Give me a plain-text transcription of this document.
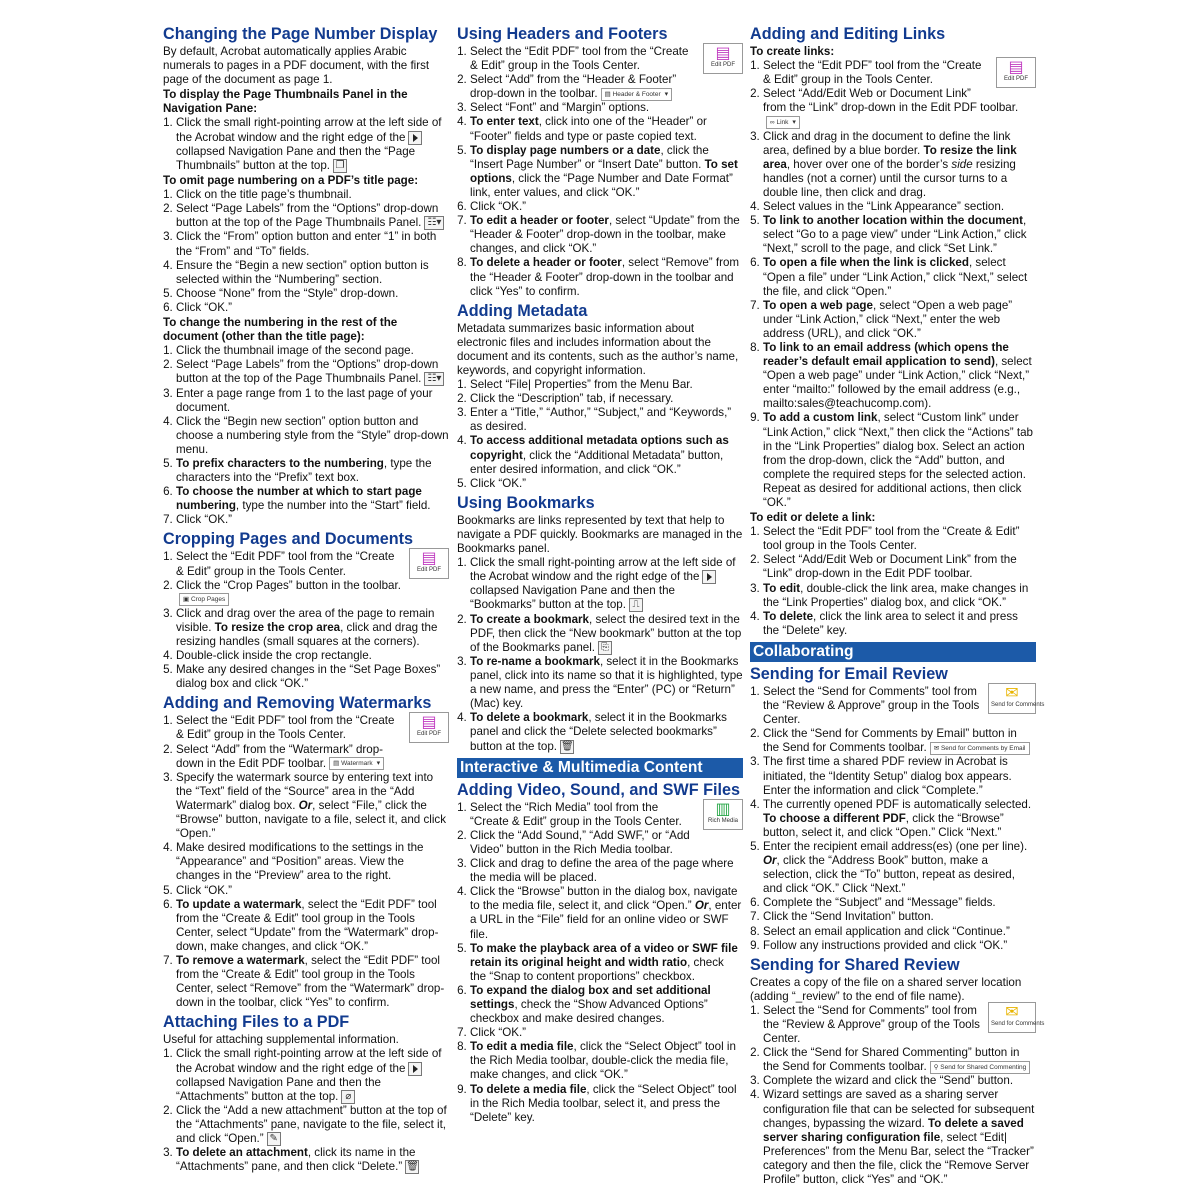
Changing the Page Number Display

By default, Acrobat automatically applies Arabic numerals to pages in a PDF document, with the first page of the document as page 1.

To display the Page Thumbnails Panel in the Navigation Pane:

1. Click the small right-pointing arrow at the left side of the Acrobat window and the right edge of the
collapsed Navigation Pane and then the “Page Thumbnails” button at the top. ❐

To omit page numbering on a PDF’s title page:

1. Click on the title page’s thumbnail.
2. Select “Page Labels” from the “Options” drop-down button at the top of the Page Thumbnails Panel. ☷▾
3. Click the “From” option button and enter “1” in both the “From” and “To” fields.
4. Ensure the “Begin a new section” option button is selected within the “Numbering” section.
5. Choose “None” from the “Style” drop-down.
6. Click “OK.”

To change the numbering in the rest of the document (other than the title page):

1. Click the thumbnail image of the second page.
2. Select “Page Labels” from the “Options” drop-down button at the top of the Page Thumbnails Panel. ☷▾
3. Enter a page range from 1 to the last page of your document.
4. Click the “Begin new section” option button and choose a numbering style from the “Style” drop-down menu.
5. To prefix characters to the numbering, type the characters into the “Prefix” text box.
6. To choose the number at which to start page numbering, type the number into the “Start” field.
7. Click “OK.”
Cropping Pages and Documents
1. ▤
Edit PDF
Select the “Edit PDF” tool from the “Create & Edit” group in the Tools Center.
2. Click the “Crop Pages” button in the toolbar.▣ Crop Pages
3. Click and drag over the area of the page to remain visible. To resize the crop area, click and drag the resizing handles (small squares at the corners).
4. Double-click inside the crop rectangle.
5. Make any desired changes in the “Set Page Boxes” dialog box and click “OK.”
Adding and Removing Watermarks
1. ▤
Edit PDF
Select the “Edit PDF” tool from the “Create & Edit” group in the Tools Center.
2. Select “Add” from the “Watermark” drop-down in the Edit PDF toolbar. ▤ Watermark ▾
3. Specify the watermark source by entering text into the “Text” field of the “Source” area in the “Add Watermark” dialog box. Or, select “File,” click the “Browse” button, navigate to a file, select it, and click “Open.”
4. Make desired modifications to the settings in the “Appearance” and “Position” areas. View the changes in the “Preview” area to the right.
5. Click “OK.”
6. To update a watermark, select the “Edit PDF” tool from the “Create & Edit” tool group in the Tools Center, select “Update” from the “Watermark” drop-down, make changes, and click “OK.”
7. To remove a watermark, select the “Edit PDF” tool from the “Create & Edit” tool group in the Tools Center, select “Remove” from the “Watermark” drop-down in the toolbar, click “Yes” to confirm.
Attaching Files to a PDF

Useful for attaching supplemental information.

1. Click the small right-pointing arrow at the left side of the Acrobat window and the right edge of the
collapsed Navigation Pane and then the “Attachments” button at the top. ⌀
2. Click the “Add a new attachment” button at the top of the “Attachments” pane, navigate to the file, select it, and click “Open.” ✎
3. To delete an attachment, click its name in the “Attachments” pane, and then click “Delete.” 🗑
Using Headers and Footers
1. ▤
Edit PDF
Select the “Edit PDF” tool from the “Create & Edit” group in the Tools Center.
2. Select “Add” from the “Header & Footer” drop-down in the toolbar. ▤ Header & Footer ▾
3. Select “Font” and “Margin” options.
4. To enter text, click into one of the “Header” or “Footer” fields and type or paste copied text.
5. To display page numbers or a date, click the “Insert Page Number” or “Insert Date” button. To set options, click the “Page Number and Date Format” link, enter values, and click “OK.”
6. Click “OK.”
7. To edit a header or footer, select “Update” from the “Header & Footer” drop-down in the toolbar, make changes, and click “OK.”
8. To delete a header or footer, select “Remove” from the “Header & Footer” drop-down in the toolbar and click “Yes” to confirm.
Adding Metadata

Metadata summarizes basic information about electronic files and includes information about the document and its contents, such as the author’s name, keywords, and copyright information.

1. Select “File| Properties” from the Menu Bar.
2. Click the “Description” tab, if necessary.
3. Enter a “Title,” “Author,” “Subject,” and “Keywords,” as desired.
4. To access additional metadata options such as copyright, click the “Additional Metadata” button, enter desired information, and click “OK.”
5. Click “OK.”
Using Bookmarks

Bookmarks are links represented by text that help to navigate a PDF quickly. Bookmarks are managed in the Bookmarks panel.

1. Click the small right-pointing arrow at the left side of the Acrobat window and the right edge of the
collapsed Navigation Pane and then the “Bookmarks” button at the top. ⎍
2. To create a bookmark, select the desired text in the PDF, then click the “New bookmark” button at the top of the Bookmarks panel. ⎘
3. To re-name a bookmark, select it in the Bookmarks panel, click into its name so that it is highlighted, type a new name, and press the “Enter” (PC) or “Return” (Mac) key.
4. To delete a bookmark, select it in the Bookmarks panel and click the “Delete selected bookmarks” button at the top. 🗑
Interactive & Multimedia Content
Adding Video, Sound, and SWF Files
1. ▥
Rich Media
Select the “Rich Media” tool from the “Create & Edit” group in the Tools Center.
2. Click the “Add Sound,” “Add SWF,” or “Add Video” button in the Rich Media toolbar.
3. Click and drag to define the area of the page where the media will be placed.
4. Click the “Browse” button in the dialog box, navigate to the media file, select it, and click “Open.” Or, enter a URL in the “File” field for an online video or SWF file.
5. To make the playback area of a video or SWF file retain its original height and width ratio, check the “Snap to content proportions” checkbox.
6. To expand the dialog box and set additional settings, check the “Show Advanced Options” checkbox and make desired changes.
7. Click “OK.”
8. To edit a media file, click the “Select Object” tool in the Rich Media toolbar, double-click the media file, make changes, and click “OK.”
9. To delete a media file, click the “Select Object” tool in the Rich Media toolbar, select it, and press the “Delete” key.
Adding and Editing Links

To create links:

1. ▤
Edit PDF
Select the “Edit PDF” tool from the “Create & Edit” group in the Tools Center.
2. Select “Add/Edit Web or Document Link” from the “Link” drop-down in the Edit PDF toolbar.∞ Link ▾
3. Click and drag in the document to define the link area, defined by a blue border. To resize the link area, hover over one of the border’s side resizing handles (not a corner) until the cursor turns to a double line, then click and drag.
4. Select values in the “Link Appearance” section.
5. To link to another location within the document, select “Go to a page view” under “Link Action,” click “Next,” scroll to the page, and click “Set Link.”
6. To open a file when the link is clicked, select “Open a file” under “Link Action,” click “Next,” select the file, and click “Open.”
7. To open a web page, select “Open a web page” under “Link Action,” click “Next,” enter the web address (URL), and click “OK.”
8. To link to an email address (which opens the reader’s default email application to send), select “Open a web page” under “Link Action,” click “Next,” enter “mailto:” followed by the email address (e.g., mailto:sales@teachucomp.com).
9. To add a custom link, select “Custom link” under “Link Action,” click “Next,” then click the “Actions” tab in the “Link Properties” dialog box. Select an action from the drop-down, click the “Add” button, and complete the required steps for the selected action. Repeat as desired for additional actions, then click “OK.”

To edit or delete a link:

1. Select the “Edit PDF” tool from the “Create & Edit” tool group in the Tools Center.
2. Select “Add/Edit Web or Document Link” from the “Link” drop-down in the Edit PDF toolbar.
3. To edit, double-click the link area, make changes in the “Link Properties” dialog box, and click “OK.”
4. To delete, click the link area to select it and press the “Delete” key.
Collaborating
Sending for Email Review
1. ✉
Send for Comments
Select the “Send for Comments” tool from the “Review & Approve” group in the Tools Center.
2. Click the “Send for Comments by Email” button in the Send for Comments toolbar. ✉ Send for Comments by Email
3. The first time a shared PDF review in Acrobat is initiated, the “Identity Setup” dialog box appears. Enter the information and click “Complete.”
4. The currently opened PDF is automatically selected. To choose a different PDF, click the “Browse” button, select it, and click “Open.” Click “Next.”
5. Enter the recipient email address(es) (one per line). Or, click the “Address Book” button, make a selection, click the “To” button, repeat as desired, and click “OK.” Click “Next.”
6. Complete the “Subject” and “Message” fields.
7. Click the “Send Invitation” button.
8. Select an email application and click “Continue.”
9. Follow any instructions provided and click “OK.”
Sending for Shared Review

Creates a copy of the file on a shared server location (adding “_review” to the end of file name).

1. ✉
Send for Comments
Select the “Send for Comments” tool from the “Review & Approve” group of the Tools Center.
2. Click the “Send for Shared Commenting” button in the Send for Comments toolbar. ⚲ Send for Shared Commenting
3. Complete the wizard and click the “Send” button.
4. Wizard settings are saved as a sharing server configuration file that can be selected for subsequent changes, bypassing the wizard. To delete a saved server sharing configuration file, select “Edit| Preferences” from the Menu Bar, select the “Tracker” category and then the file, click the “Remove Server Profile” button, click “Yes” and “OK.”
